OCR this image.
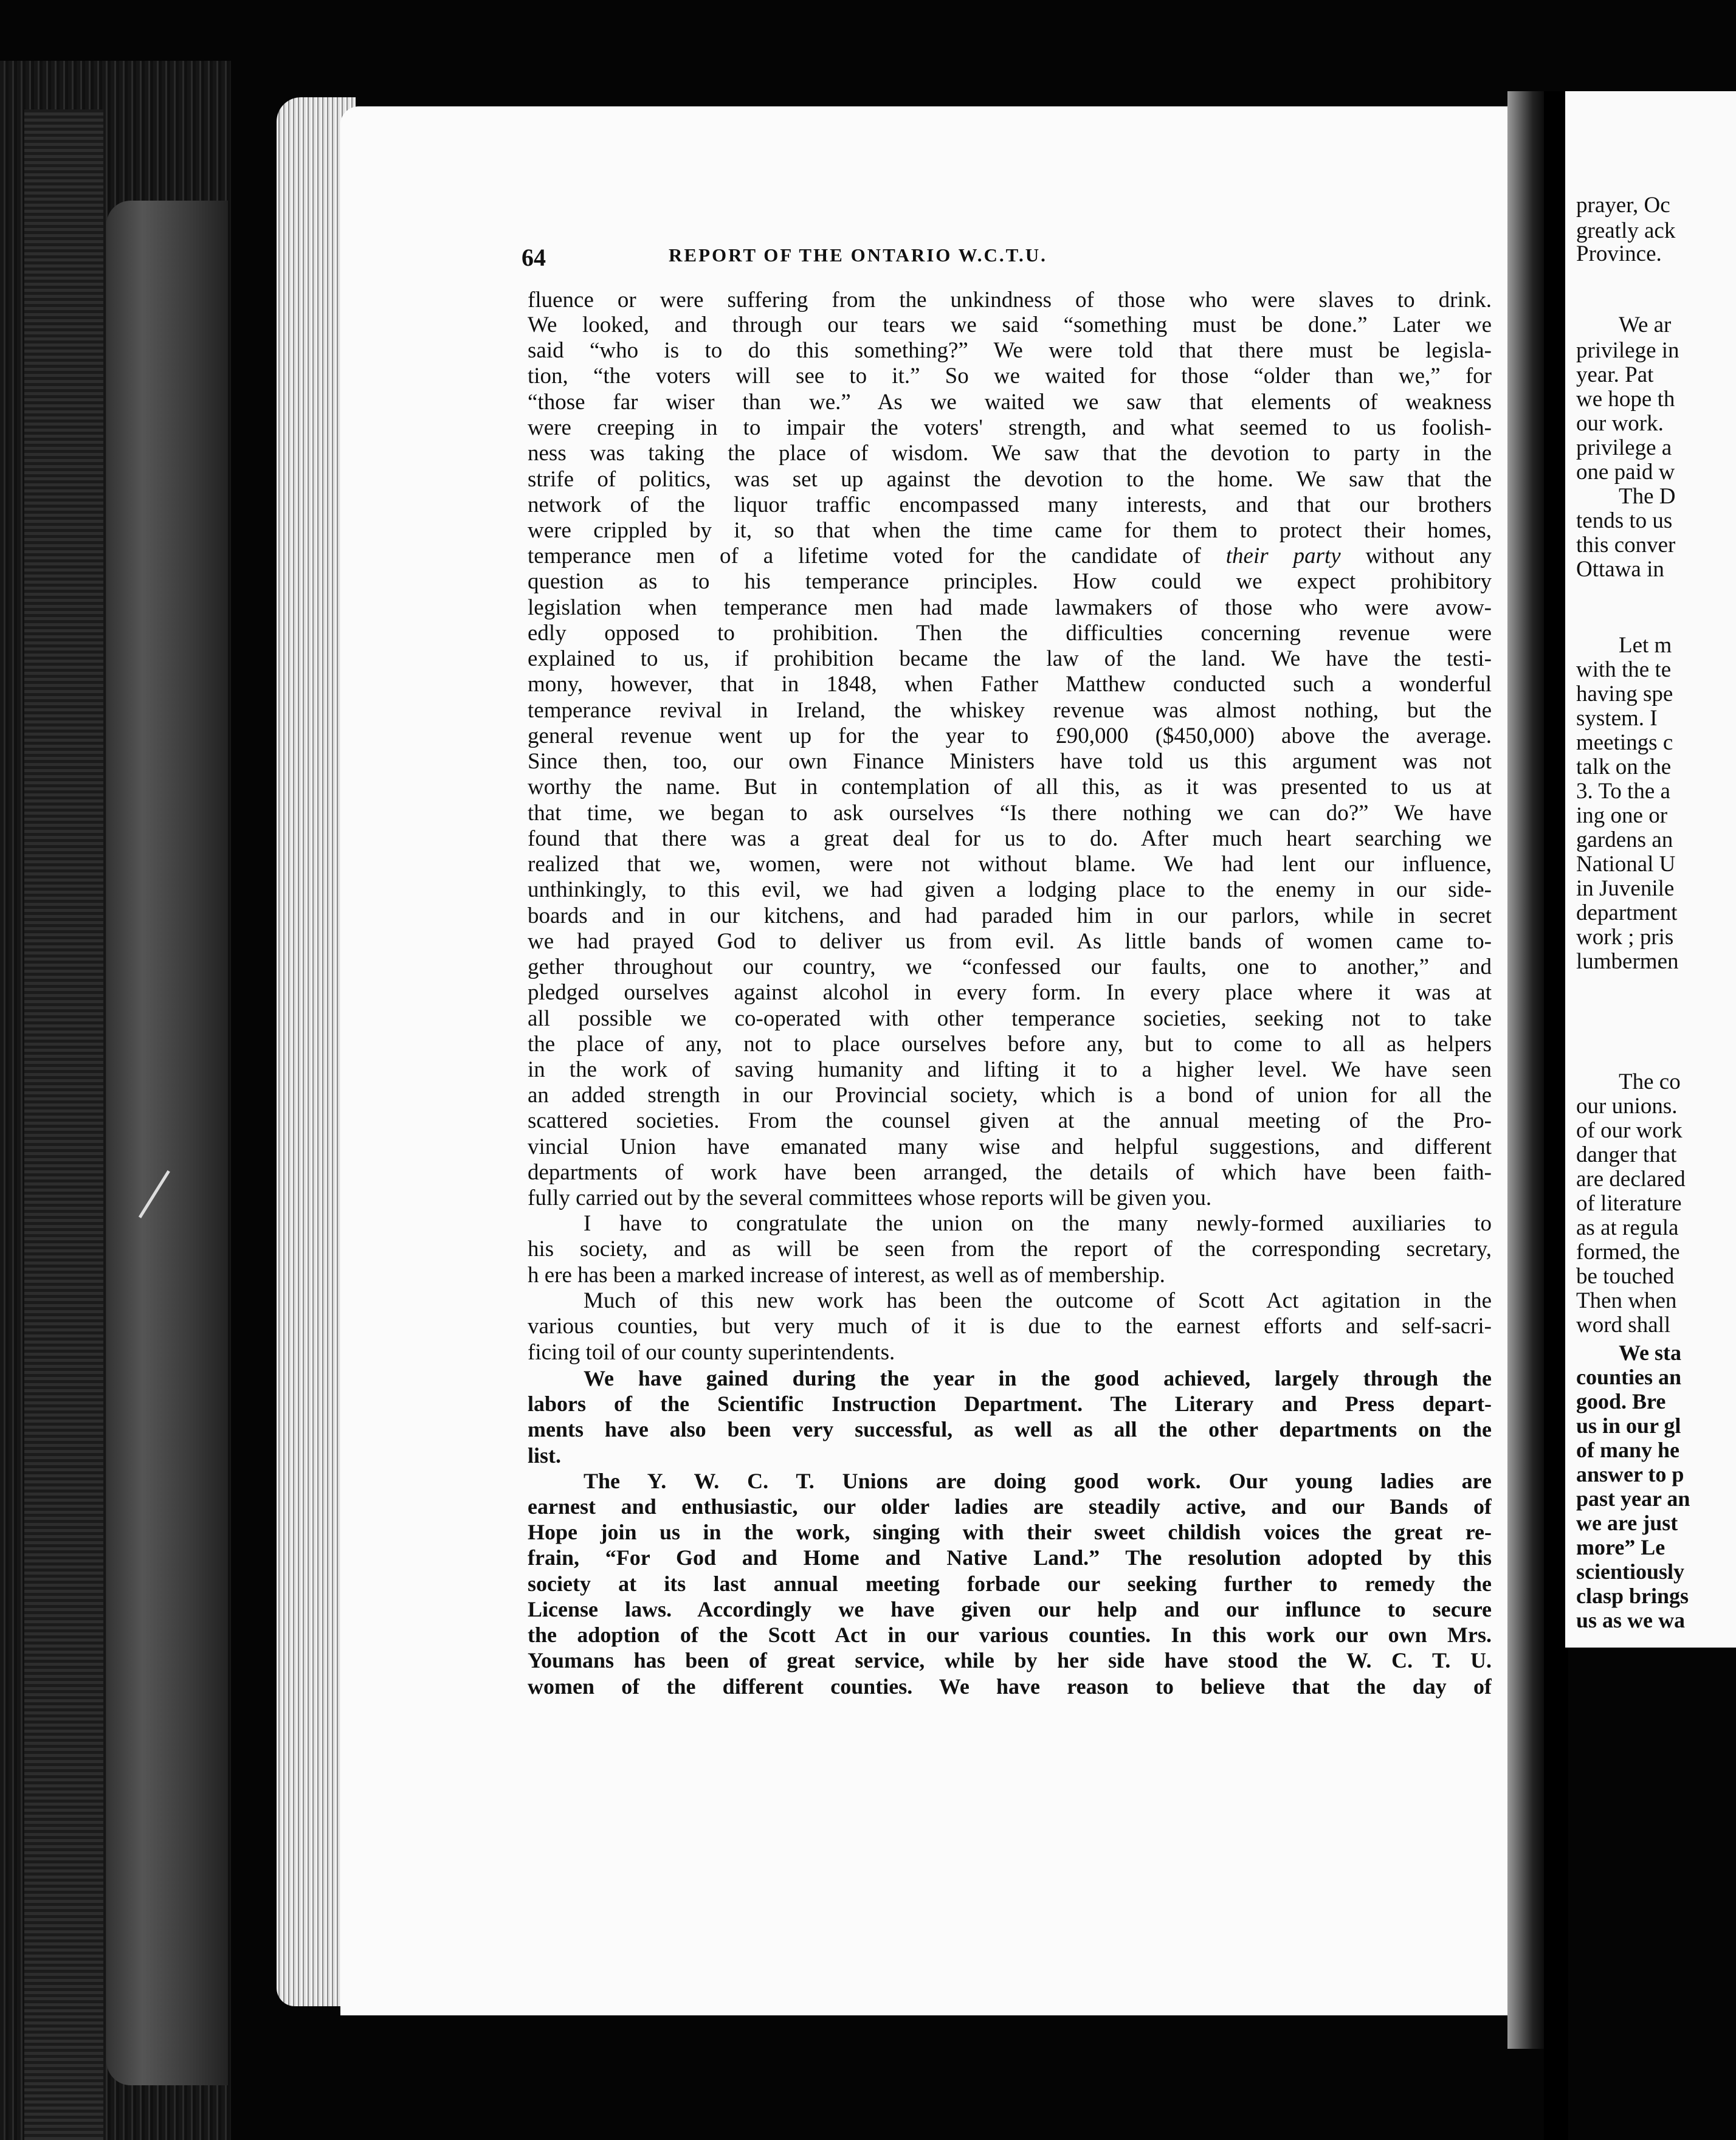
prayer, Oc
greatly ack
Province.
We ar
privilege in
year. Pat
we hope th
our work.
privilege a
one paid w
The D
tends to us
this conver
Ottawa in
Let m
with the te
having spe
system. I
meetings c
talk on the
3. To the a
ing one or
gardens an
National U
in Juvenile
department
work ; pris
lumbermen
The co
our unions.
of our work
danger that
are declared
of literature
as at regula
formed, the
be touched
Then when
word shall
We sta
counties an
good. Bre
us in our gl
of many he
answer to p
past year an
we are just
more” Le
scientiously
clasp brings
us as we wa
64	REPORT OF THE ONTARIO W.C.T.U.
fluence or were suffering from the unkindness of those who were slaves to drink.
We looked, and through our tears we said “something must be done.” Later we
said “who is to do this something?” We were told that there must be legisla-
tion, “the voters will see to it.” So we waited for those “older than we,” for
“those far wiser than we.” As we waited we saw that elements of weakness
were creeping in to impair the voters' strength, and what seemed to us foolish-
ness was taking the place of wisdom. We saw that the devotion to party in the
strife of politics, was set up against the devotion to the home. We saw that the
network of the liquor traffic encompassed many interests, and that our brothers
were crippled by it, so that when the time came for them to protect their homes,
temperance men of a lifetime voted for the candidate of their party without any
question as to his temperance principles. How could we expect prohibitory
legislation when temperance men had made lawmakers of those who were avow-
edly opposed to prohibition. Then the difficulties concerning revenue were
explained to us, if prohibition became the law of the land. We have the testi-
mony, however, that in 1848, when Father Matthew conducted such a wonderful
temperance revival in Ireland, the whiskey revenue was almost nothing, but the
general revenue went up for the year to £90,000 ($450,000) above the average.
Since then, too, our own Finance Ministers have told us this argument was not
worthy the name. But in contemplation of all this, as it was presented to us at
that time, we began to ask ourselves “Is there nothing we can do?” We have
found that there was a great deal for us to do. After much heart searching we
realized that we, women, were not without blame. We had lent our influence,
unthinkingly, to this evil, we had given a lodging place to the enemy in our side-
boards and in our kitchens, and had paraded him in our parlors, while in secret
we had prayed God to deliver us from evil. As little bands of women came to-
gether throughout our country, we “confessed our faults, one to another,” and
pledged ourselves against alcohol in every form. In every place where it was at
all possible we co-operated with other temperance societies, seeking not to take
the place of any, not to place ourselves before any, but to come to all as helpers
in the work of saving humanity and lifting it to a higher level. We have seen
an added strength in our Provincial society, which is a bond of union for all the
scattered societies. From the counsel given at the annual meeting of the Pro-
vincial Union have emanated many wise and helpful suggestions, and different
departments of work have been arranged, the details of which have been faith-
fully carried out by the several committees whose reports will be given you.
I have to congratulate the union on the many newly-formed auxiliaries to
his society, and as will be seen from the report of the corresponding secretary,
h ere has been a marked increase of interest, as well as of membership.
Much of this new work has been the outcome of Scott Act agitation in the
various counties, but very much of it is due to the earnest efforts and self-sacri-
ficing toil of our county superintendents.
We have gained during the year in the good achieved, largely through the
labors of the Scientific Instruction Department. The Literary and Press depart-
ments have also been very successful, as well as all the other departments on the
list.
The Y. W. C. T. Unions are doing good work. Our young ladies are
earnest and enthusiastic, our older ladies are steadily active, and our Bands of
Hope join us in the work, singing with their sweet childish voices the great re-
frain, “For God and Home and Native Land.” The resolution adopted by this
society at its last annual meeting forbade our seeking further to remedy the
License laws. Accordingly we have given our help and our influnce to secure
the adoption of the Scott Act in our various counties. In this work our own Mrs.
Youmans has been of great service, while by her side have stood the W. C. T. U.
women of the different counties. We have reason to believe that the day of
